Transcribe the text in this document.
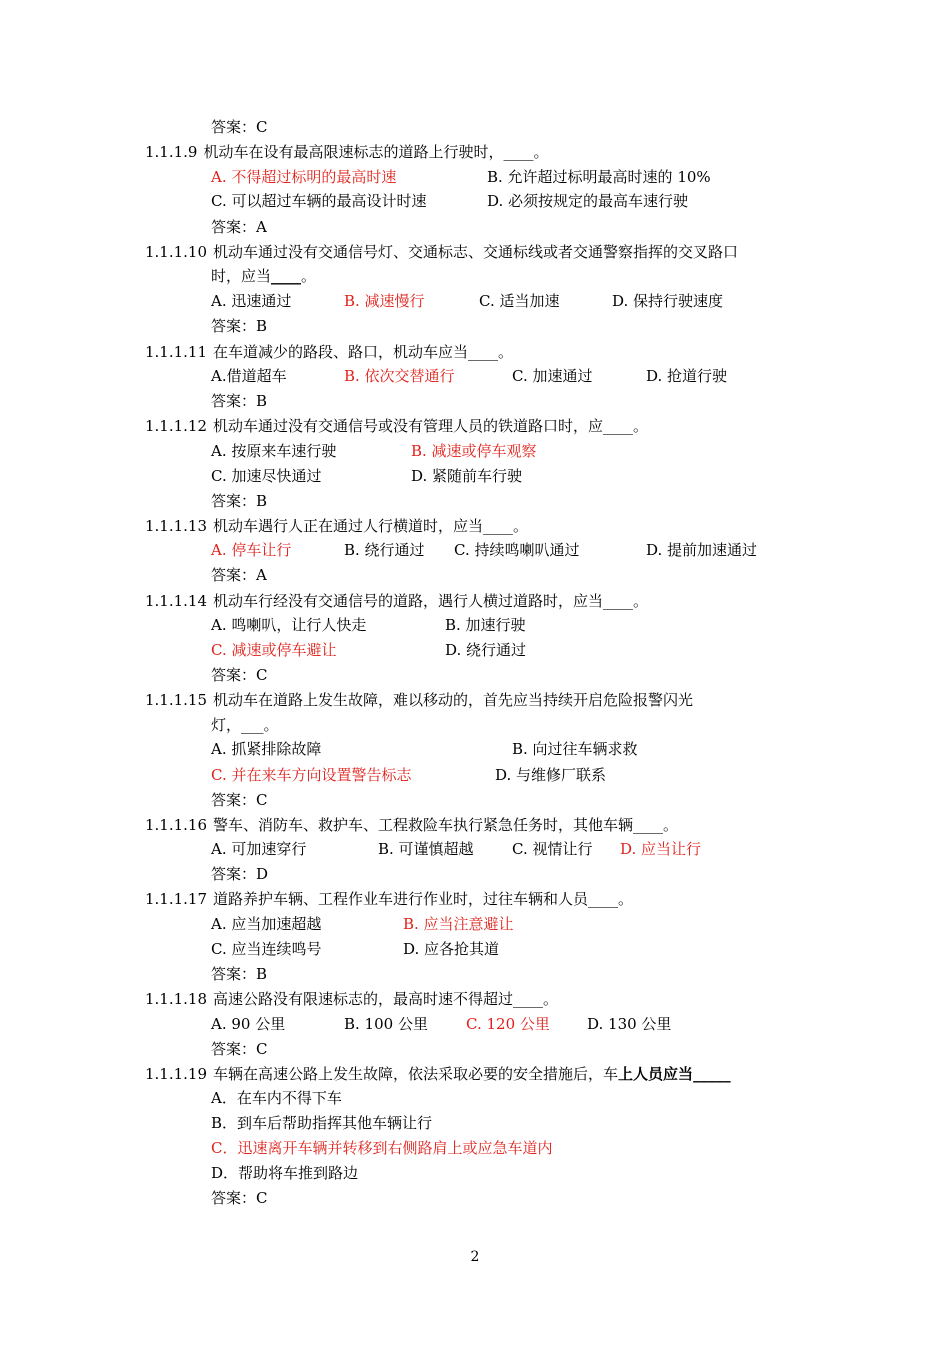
答案：C
1.1.1.9 机动车在设有最高限速标志的道路上行驶时，____。
A. 不得超过标明的最高时速	B. 允许超过标明最高时速的 10%
C. 可以超过车辆的最高设计时速	D. 必须按规定的最高车速行驶
答案：A
1.1.1.10 机动车通过没有交通信号灯、交通标志、交通标线或者交通警察指挥的交叉路口
时，应当____。
A. 迅速通过	B. 减速慢行	C. 适当加速	D. 保持行驶速度
答案：B
1.1.1.11 在车道减少的路段、路口，机动车应当____。
A.借道超车	B. 依次交替通行	C. 加速通过	D. 抢道行驶
答案：B
1.1.1.12 机动车通过没有交通信号或没有管理人员的铁道路口时，应____。
A. 按原来车速行驶	B. 减速或停车观察
C. 加速尽快通过	D. 紧随前车行驶
答案：B
1.1.1.13 机动车遇行人正在通过人行横道时，应当____。
A. 停车让行	B. 绕行通过 C. 持续鸣喇叭通过	D. 提前加速通过
答案：A
1.1.1.14 机动车行经没有交通信号的道路，遇行人横过道路时，应当____。
A. 鸣喇叭，让行人快走	B. 加速行驶
C. 减速或停车避让	D. 绕行通过
答案：C
1.1.1.15 机动车在道路上发生故障，难以移动的，首先应当持续开启危险报警闪光
灯，___。
A. 抓紧排除故障	B. 向过往车辆求救
C. 并在来车方向设置警告标志	D. 与维修厂联系
答案：C
1.1.1.16 警车、消防车、救护车、工程救险车执行紧急任务时，其他车辆____。
A. 可加速穿行	B. 可谨慎超越	C. 视情让行 D. 应当让行
答案：D
1.1.1.17 道路养护车辆、工程作业车进行作业时，过往车辆和人员____。
A. 应当加速超越	B. 应当注意避让
C. 应当连续鸣号	D. 应各抢其道
答案：B
1.1.1.18 高速公路没有限速标志的，最高时速不得超过____。
A. 90 公里	B. 100 公里	C. 120 公里 D. 130 公里
答案：C
1.1.1.19 车辆在高速公路上发生故障，依法采取必要的安全措施后，车上人员应当_____
A．在车内不得下车
B．到车后帮助指挥其他车辆让行
C．迅速离开车辆并转移到右侧路肩上或应急车道内
D．帮助将车推到路边
答案：C
2
